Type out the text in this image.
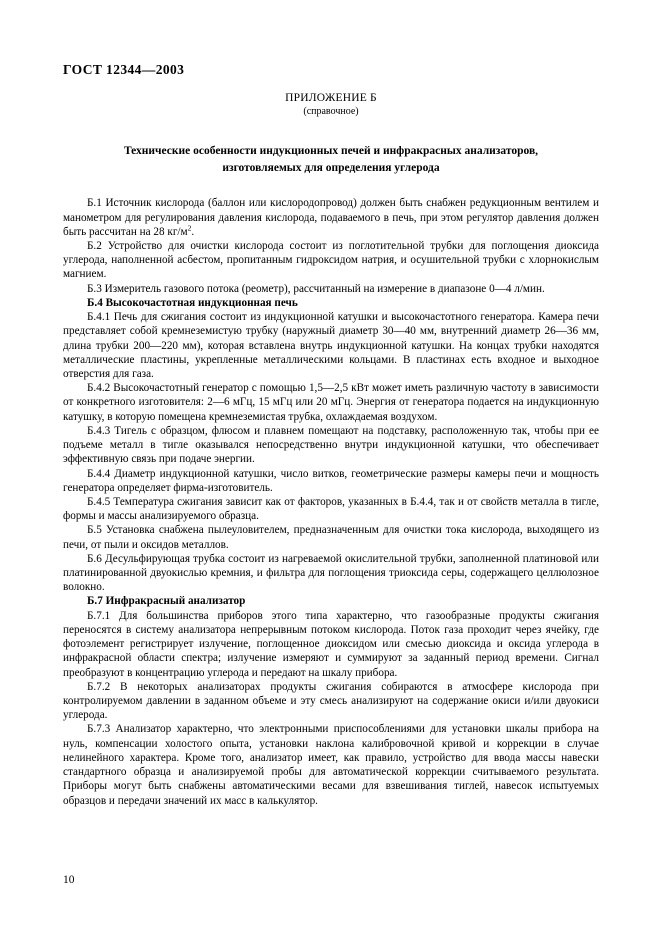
ГОСТ 12344—2003
ПРИЛОЖЕНИЕ Б
(справочное)
Технические особенности индукционных печей и инфракрасных анализаторов,
изготовляемых для определения углерода

Б.1 Источник кислорода (баллон или кислородопровод) должен быть снабжен редукционным вентилем и манометром для регулирования давления кислорода, подаваемого в печь, при этом регулятор давления должен быть рассчитан на 28 $кг/м^2$.

Б.2 Устройство для очистки кислорода состоит из поглотительной трубки для поглощения диоксида углерода, наполненной асбестом, пропитанным гидроксидом натрия, и осушительной трубки с хлорнокислым магнием.

Б.3 Измеритель газового потока (реометр), рассчитанный на измерение в диапазоне 0—4 л/мин.

Б.4 Высокочастотная индукционная печь

Б.4.1 Печь для сжигания состоит из индукционной катушки и высокочастотного генератора. Камера печи представляет собой кремнеземистую трубку (наружный диаметр 30—40 мм, внутренний диаметр 26—36 мм, длина трубки 200—220 мм), которая вставлена внутрь индукционной катушки. На концах трубки находятся металлические пластины, укрепленные металлическими кольцами. В пластинах есть входное и выходное отверстия для газа.

Б.4.2 Высокочастотный генератор с помощью 1,5—2,5 кВт может иметь различную частоту в зависимости от конкретного изготовителя: 2—6 мГц, 15 мГц или 20 мГц. Энергия от генератора подается на индукционную катушку, в которую помещена кремнеземистая трубка, охлаждаемая воздухом.

Б.4.3 Тигель с образцом, флюсом и плавнем помещают на подставку, расположенную так, чтобы при ее подъеме металл в тигле оказывался непосредственно внутри индукционной катушки, что обеспечивает эффективную связь при подаче энергии.

Б.4.4 Диаметр индукционной катушки, число витков, геометрические размеры камеры печи и мощность генератора определяет фирма-изготовитель.

Б.4.5 Температура сжигания зависит как от факторов, указанных в Б.4.4, так и от свойств металла в тигле, формы и массы анализируемого образца.

Б.5 Установка снабжена пылеуловителем, предназначенным для очистки тока кислорода, выходящего из печи, от пыли и оксидов металлов.

Б.6 Десульфирующая трубка состоит из нагреваемой окислительной трубки, заполненной платиновой или платинированной двуокислью кремния, и фильтра для поглощения триоксида серы, содержащего целлюлозное волокно.

Б.7 Инфракрасный анализатор

Б.7.1 Для большинства приборов этого типа характерно, что газообразные продукты сжигания переносятся в систему анализатора непрерывным потоком кислорода. Поток газа проходит через ячейку, где фотоэлемент регистрирует излучение, поглощенное диоксидом или смесью диоксида и оксида углерода в инфракрасной области спектра; излучение измеряют и суммируют за заданный период времени. Сигнал преобразуют в концентрацию углерода и передают на шкалу прибора.

Б.7.2 В некоторых анализаторах продукты сжигания собираются в атмосфере кислорода при контролируемом давлении в заданном объеме и эту смесь анализируют на содержание окиси и/или двуокиси углерода.

Б.7.3 Анализатор характерно, что электронными приспособлениями для установки шкалы прибора на нуль, компенсации холостого опыта, установки наклона калибровочной кривой и коррекции в случае нелинейного характера. Кроме того, анализатор имеет, как правило, устройство для ввода массы навески стандартного образца и анализируемой пробы для автоматической коррекции считываемого результата. Приборы могут быть снабжены автоматическими весами для взвешивания тиглей, навесок испытуемых образцов и передачи значений их масс в калькулятор.

10
